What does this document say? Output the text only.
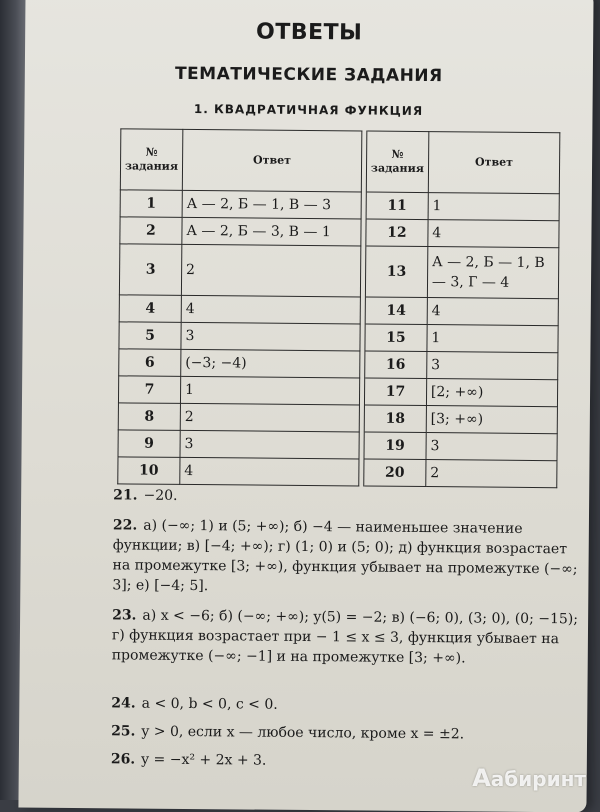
ОТВЕТЫ
ТЕМАТИЧЕСКИЕ ЗАДАНИЯ
1. КВАДРАТИЧНАЯ ФУНКЦИЯ
№ задания	Ответ		№ задания	Ответ
1	А — 2, Б — 1, В — 3		11	1
2	А — 2, Б — 3, В — 1		12	4
3	2		13	А — 2, Б — 1, В — 3, Г — 4
4	4		14	4
5	3		15	1
6	(−3; −4)		16	3
7	1		17	[2; +∞)
8	2		18	[3; +∞)
9	3		19	3
10	4		20	2
21. −20.
22. а) (−∞; 1) и (5; +∞); б) −4 — наименьшее значение функции; в) [−4; +∞); г) (1; 0) и (5; 0); д) функция возрастает на промежутке [3; +∞), функция убывает на промежутке (−∞; 3]; е) [−4; 5].
23. а) x < −6; б) (−∞; +∞); y(5) = −2; в) (−6; 0), (3; 0), (0; −15); г) функция возрастает при − 1 ≤ x ≤ 3, функция убывает на промежутке (−∞; −1] и на промежутке [3; +∞).
24. a < 0, b < 0, c < 0.
25. y > 0, если x — любое число, кроме x = ±2.
26. y = −x² + 2x + 3.
Аабиринт
